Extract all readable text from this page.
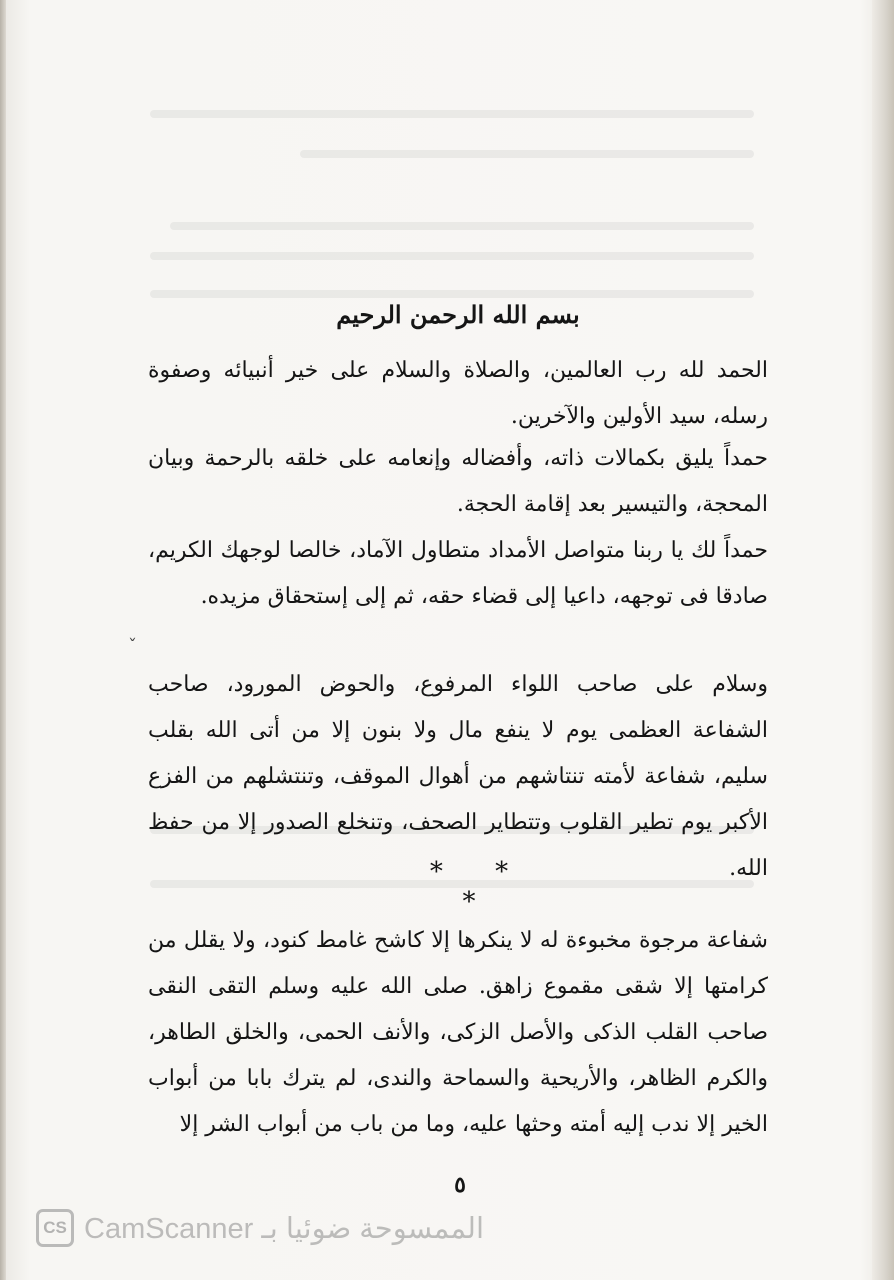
ˇ
بسم الله الرحمن الرحيم

الحمد لله رب العالمين، والصلاة والسلام على خير أنبيائه وصفوة رسله، سيد الأولين والآخرين.

حمداً يليق بكمالات ذاته، وأفضاله وإنعامه على خلقه بالرحمة وبيان المحجة، والتيسير بعد إقامة الحجة.

حمداً لك يا ربنا متواصل الأمداد متطاول الآماد، خالصا لوجهك الكريم، صادقا فى توجهه، داعيا إلى قضاء حقه، ثم إلى إستحقاق مزيده.

وسلام على صاحب اللواء المرفوع، والحوض المورود، صاحب الشفاعة العظمى يوم لا ينفع مال ولا بنون إلا من أتى الله بقلب سليم، شفاعة لأمته تنتاشهم من أهوال الموقف، وتنتشلهم من الفزع الأكبر يوم تطير القلوب وتتطاير الصحف، وتنخلع الصدور إلا من حفظ الله.

* * *

شفاعة مرجوة مخبوءة له لا ينكرها إلا كاشح غامط كنود، ولا يقلل من كرامتها إلا شقى مقموع زاهق. صلى الله عليه وسلم التقى النقى صاحب القلب الذكى والأصل الزكى، والأنف الحمى، والخلق الطاهر، والكرم الظاهر، والأريحية والسماحة والندى، لم يترك بابا من أبواب الخير إلا ندب إليه أمته وحثها عليه، وما من باب من أبواب الشر إلا

٥
CS CamScanner الممسوحة ضوئيا بـ
